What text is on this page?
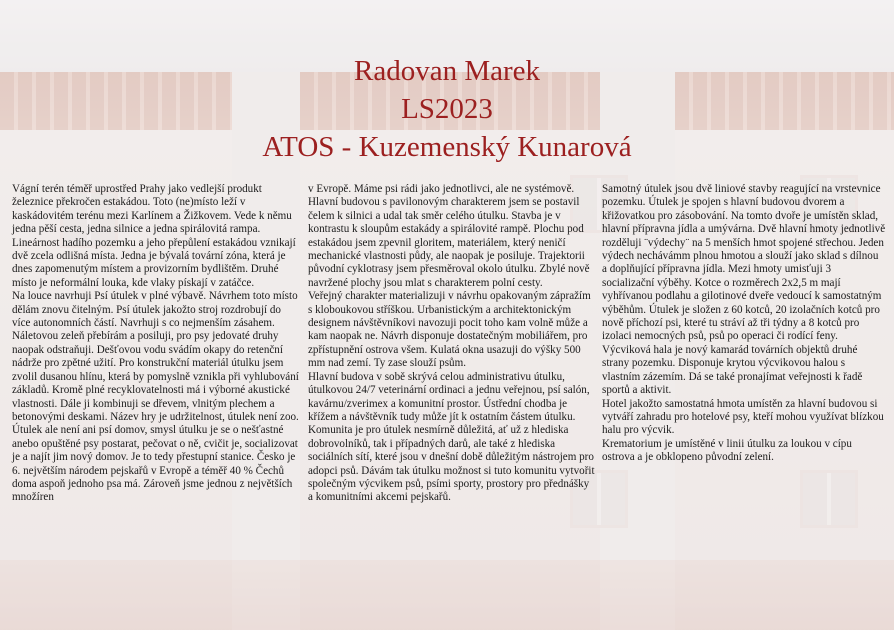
Radovan Marek
LS2023
ATOS - Kuzemenský Kunarová

Vágní terén téměř uprostřed Prahy jako vedlejší produkt železnice překročen estakádou. Toto (ne)místo leží v kaskádovitém terénu mezi Karlínem a Žižkovem. Vede k němu jedna pěší cesta, jedna silnice a jedna spirálovitá rampa. Lineárnost hadího pozemku a jeho přepůlení estakádou vznikají dvě zcela odlišná místa. Jedna je bývalá tovární zóna, která je dnes zapomenutým místem a provizorním bydlištěm. Druhé místo je neformální louka, kde vlaky pískají v zatáčce.

Na louce navrhuji Psí útulek v plné výbavě. Návrhem toto místo dělám znovu čitelným. Psí útulek jakožto stroj rozdrobují do více autonomních částí. Navrhuji s co nejmenším zásahem. Náletovou zeleň přebírám a posiluji, pro psy jedovaté druhy naopak odstraňuji. Dešťovou vodu svádím okapy do retenční nádrže pro zpětné užití. Pro konstrukční materiál útulku jsem zvolil dusanou hlínu, která by pomyslně vznikla při vyhlubování základů. Kromě plné recyklovatelnosti má i výborné akustické vlastnosti. Dále ji kombinuji se dřevem, vlnitým plechem a betonovými deskami. Název hry je udržitelnost, útulek není zoo.

Útulek ale není ani psí domov, smysl útulku je se o nešťastné anebo opuštěné psy postarat, pečovat o ně, cvičit je, socializovat je a najít jim nový domov. Je to tedy přestupní stanice. Česko je 6. největším národem pejskařů v Evropě a téměř 40 % Čechů doma aspoň jednoho psa má. Zároveň jsme jednou z největších množíren

v Evropě. Máme psi rádi jako jednotlivci, ale ne systémově.

Hlavní budovou s pavilonovým charakterem jsem se postavil čelem k silnici a udal tak směr celého útulku. Stavba je v kontrastu k sloupům estakády a spirálovité rampě. Plochu pod estakádou jsem zpevnil gloritem, materiálem, který neničí mechanické vlastnosti půdy, ale naopak je posiluje. Trajektorii původní cyklotrasy jsem přesměroval okolo útulku. Zbylé nově navržené plochy jsou mlat s charakterem polní cesty.

Veřejný charakter materializuji v návrhu opakovaným zápražím s kloboukovou stříškou. Urbanistickým a architektonickým designem návštěvníkovi navozuji pocit toho kam volně může a kam naopak ne. Návrh disponuje dostatečným mobiliářem, pro zpřístupnění ostrova všem. Kulatá okna usazuji do výšky 500 mm nad zemí. Ty zase slouží psům.

Hlavní budova v sobě skrývá celou administrativu útulku, útulkovou 24/7 veterinární ordinaci a jednu veřejnou, psí salón, kavárnu/zverimex a komunitní prostor. Ústřední chodba je křížem a návštěvník tudy může jít k ostatním částem útulku. Komunita je pro útulek nesmírně důležitá, ať už z hlediska dobrovolníků, tak i případných darů, ale také z hlediska sociálních sítí, které jsou v dnešní době důležitým nástrojem pro adopci psů. Dávám tak útulku možnost si tuto komunitu vytvořit společným výcvikem psů, psími sporty, prostory pro přednášky a komunitními akcemi pejskařů.

Samotný útulek jsou dvě liniové stavby reagující na vrstevnice pozemku. Útulek je spojen s hlavní budovou dvorem a křižovatkou pro zásobování. Na tomto dvoře je umístěn sklad, hlavní přípravna jídla a umývárna. Dvě hlavní hmoty jednotlivě rozděluji ¨výdechy¨ na 5 menších hmot spojené střechou. Jeden výdech nechávámm plnou hmotou a slouží jako sklad s dílnou a doplňující přípravna jídla. Mezi hmoty umisťuji 3 socializační výběhy. Kotce o rozměrech 2x2,5 m mají vyhřívanou podlahu a gilotinové dveře vedoucí k samostatným výběhům. Útulek je složen z 60 kotců, 20 izolačních kotců pro nově příchozí psi, které tu stráví až tři týdny a 8 kotců pro izolaci nemocných psů, psů po operaci či rodící feny.

Výcviková hala je nový kamarád továrních objektů druhé strany pozemku. Disponuje krytou výcvikovou halou s vlastním zázemím. Dá se také pronajímat veřejnosti k řadě sportů a aktivit.

Hotel jakožto samostatná hmota umístěn za hlavní budovou si vytváří zahradu pro hotelové psy, kteří mohou využívat blízkou halu pro výcvik.

Krematorium je umístěné v linii útulku za loukou v cípu ostrova a je obklopeno původní zelení.
